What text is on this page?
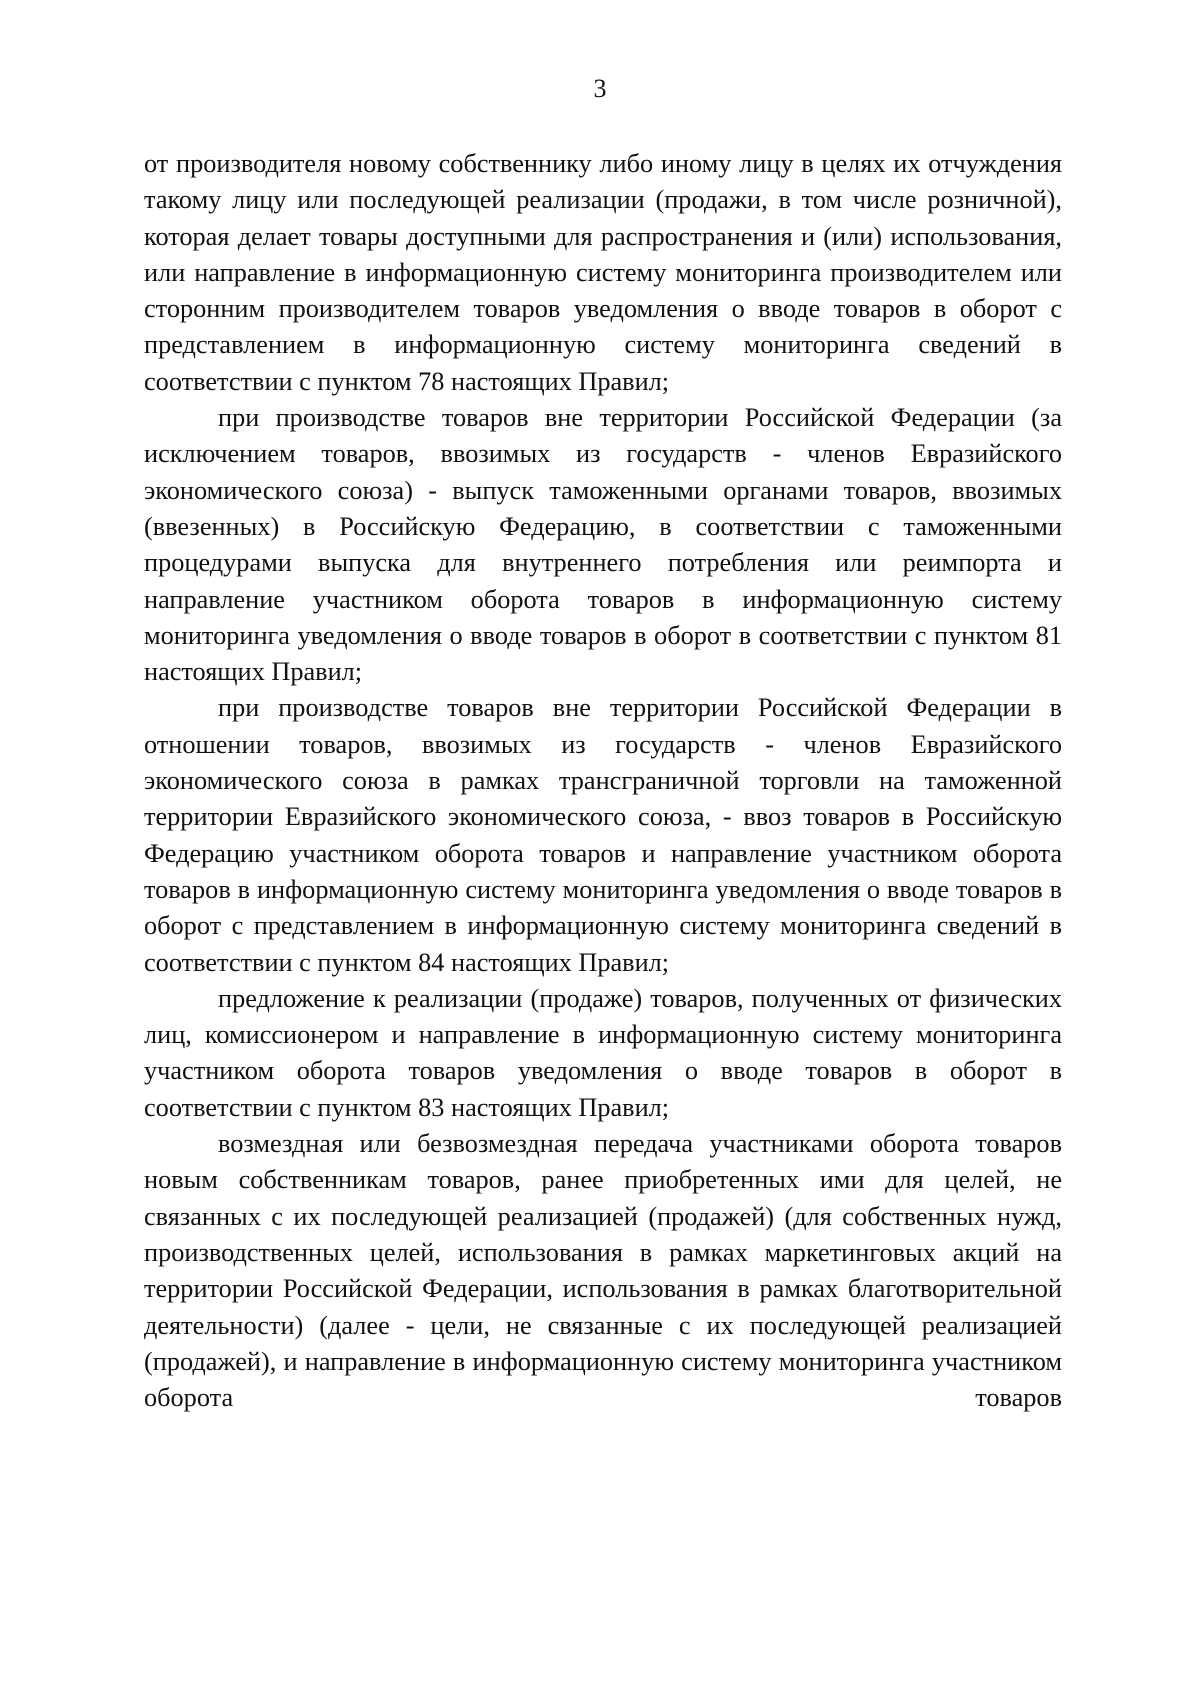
3

от производителя новому собственнику либо иному лицу в целях их отчуждения такому лицу или последующей реализации (продажи, в том числе розничной), которая делает товары доступными для распространения и (или) использования, или направление в информационную систему мониторинга производителем или сторонним производителем товаров уведомления о вводе товаров в оборот с представлением в информационную систему мониторинга сведений в соответствии с пунктом 78 настоящих Правил;

при производстве товаров вне территории Российской Федерации (за исключением товаров, ввозимых из государств - членов Евразийского экономического союза) - выпуск таможенными органами товаров, ввозимых (ввезенных) в Российскую Федерацию, в соответствии с таможенными процедурами выпуска для внутреннего потребления или реимпорта и направление участником оборота товаров в информационную систему мониторинга уведомления о вводе товаров в оборот в соответствии с пунктом 81 настоящих Правил;

при производстве товаров вне территории Российской Федерации в отношении товаров, ввозимых из государств - членов Евразийского экономического союза в рамках трансграничной торговли на таможенной территории Евразийского экономического союза, - ввоз товаров в Российскую Федерацию участником оборота товаров и направление участником оборота товаров в информационную систему мониторинга уведомления о вводе товаров в оборот с представлением в информационную систему мониторинга сведений в соответствии с пунктом 84 настоящих Правил;

предложение к реализации (продаже) товаров, полученных от физических лиц, комиссионером и направление в информационную систему мониторинга участником оборота товаров уведомления о вводе товаров в оборот в соответствии с пунктом 83 настоящих Правил;

возмездная или безвозмездная передача участниками оборота товаров новым собственникам товаров, ранее приобретенных ими для целей, не связанных с их последующей реализацией (продажей) (для собственных нужд, производственных целей, использования в рамках маркетинговых акций на территории Российской Федерации, использования в рамках благотворительной деятельности) (далее - цели, не связанные с их последующей реализацией (продажей), и направление в информационную систему мониторинга участником оборота товаров
